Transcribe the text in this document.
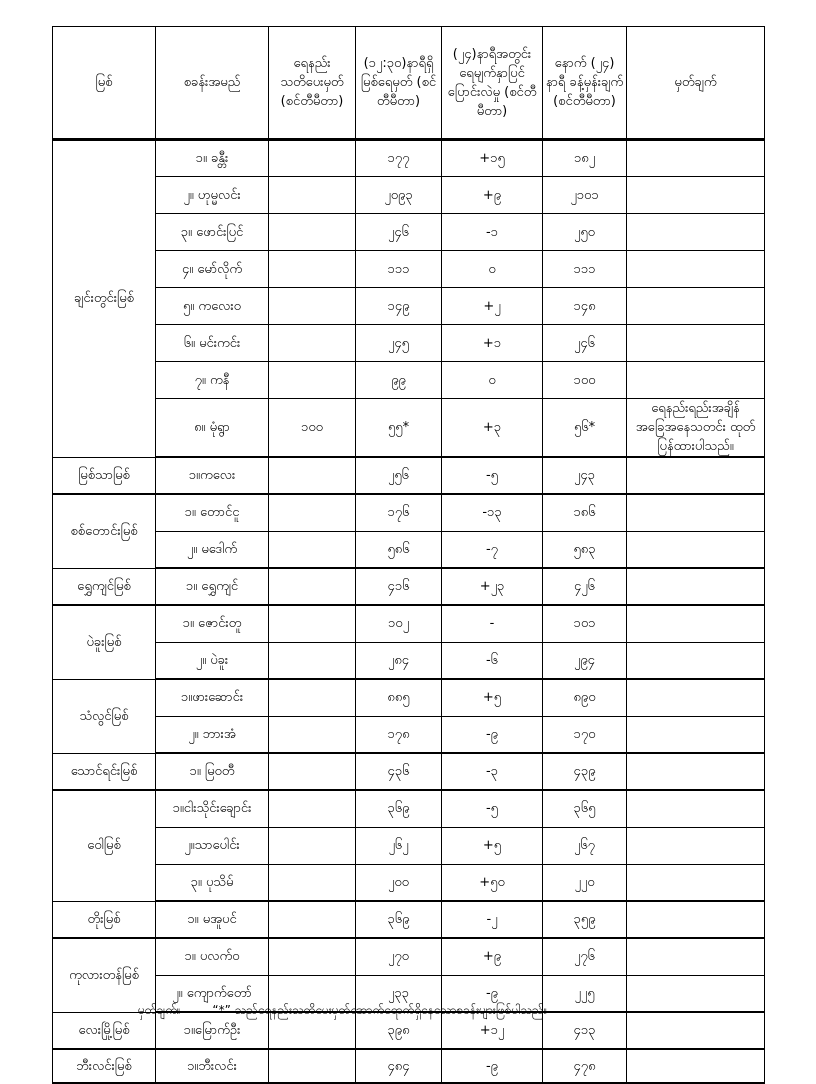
မြစ်	စခန်းအမည်	ရေနည်း သတိပေးမှတ် (စင်တီမီတာ)	(၁၂:၃၀)နာရီရှိ မြစ်ရေမှတ် (စင်တီမီတာ)	(၂၄)နာရီအတွင်း ရေမျက်နှာပြင် ပြောင်းလဲမှု (စင်တီမီတာ)	နောက် (၂၄) နာရီ ခန့်မှန်းချက် (စင်တီမီတာ)	မှတ်ချက်
ချင်းတွင်းမြစ်	၁။ ခန္တီး		၁၇၇	+၁၅	၁၈၂	
	၂။ ဟုမ္မလင်း		၂၀၉၃	+၉	၂၁၀၁	
	၃။ ဖောင်းပြင်		၂၄၆	-၁	၂၅၀	
	၄။ မော်လိုက်		၁၁၁	၀	၁၁၁	
	၅။ ကလေးဝ		၁၄၉	+၂	၁၄၈	
	၆။ မင်းကင်း		၂၄၅	+၁	၂၄၆	
	၇။ ကနီ		၉၉	၀	၁၀၀	
	၈။ မုံရွာ	၁၀၀	၅၅*	+၃	၅၆*	ရေနည်းရည်းအချိန်အခြေအနေသတင်း ထုတ်ပြန်ထားပါသည်။
မြစ်သာမြစ်	၁။ကလေး		၂၅၆	-၅	၂၄၃	
စစ်တောင်းမြစ်	၁။ တောင်ငူ		၁၇၆	-၁၃	၁၈၆	
	၂။ မဒေါက်		၅၈၆	-၇	၅၈၃	
ရွှေကျင်မြစ်	၁။ ရွှေကျင်		၄၁၆	+၂၃	၄၂၆	
ပဲခူးမြစ်	၁။ ဇောင်းတူ		၁၀၂	-	၁၀၁	
	၂။ ပဲခူး		၂၈၄	-၆	၂၉၄	
သံလွင်မြစ်	၁။ဖားဆောင်း		၈၈၅	+၅	၈၉၀	
	၂။ ဘားအံ		၁၇၈	-၉	၁၇၀	
သောင်ရင်းမြစ်	၁။ မြဝတီ		၄၃၆	-၃	၄၃၉	
ဝေါမြစ်	၁။ငါးသိုင်းချောင်း		၃၆၉	-၅	၃၆၅	
	၂။သာပေါင်း		၂၆၂	+၅	၂၆၇	
	၃။ ပုသိမ်		၂၀၀	+၅၀	၂၂၀	
တိုးမြစ်	၁။ မအူပင်		၃၆၉	-၂	၃၅၉	
ကုလားတန်မြစ်	၁။ ပလက်ဝ		၂၇၀	+၉	၂၇၆	
	၂။ ကျောက်တော်		၂၃၃	-၉	၂၂၅	
လေးမြို့မြစ်	၁။မြောက်ဦး		၃၉၈	+၁၂	၄၁၃	
ဘီးလင်းမြစ်	၁။ဘီးလင်း		၄၈၄	-၉	၄၇၈	
မှတ်ချက်။	“*” သည်ရေနည်းသတိပေးမှတ်အောက်ရောက်ရှိနေသောစခန်းများဖြစ်ပါသည်။
